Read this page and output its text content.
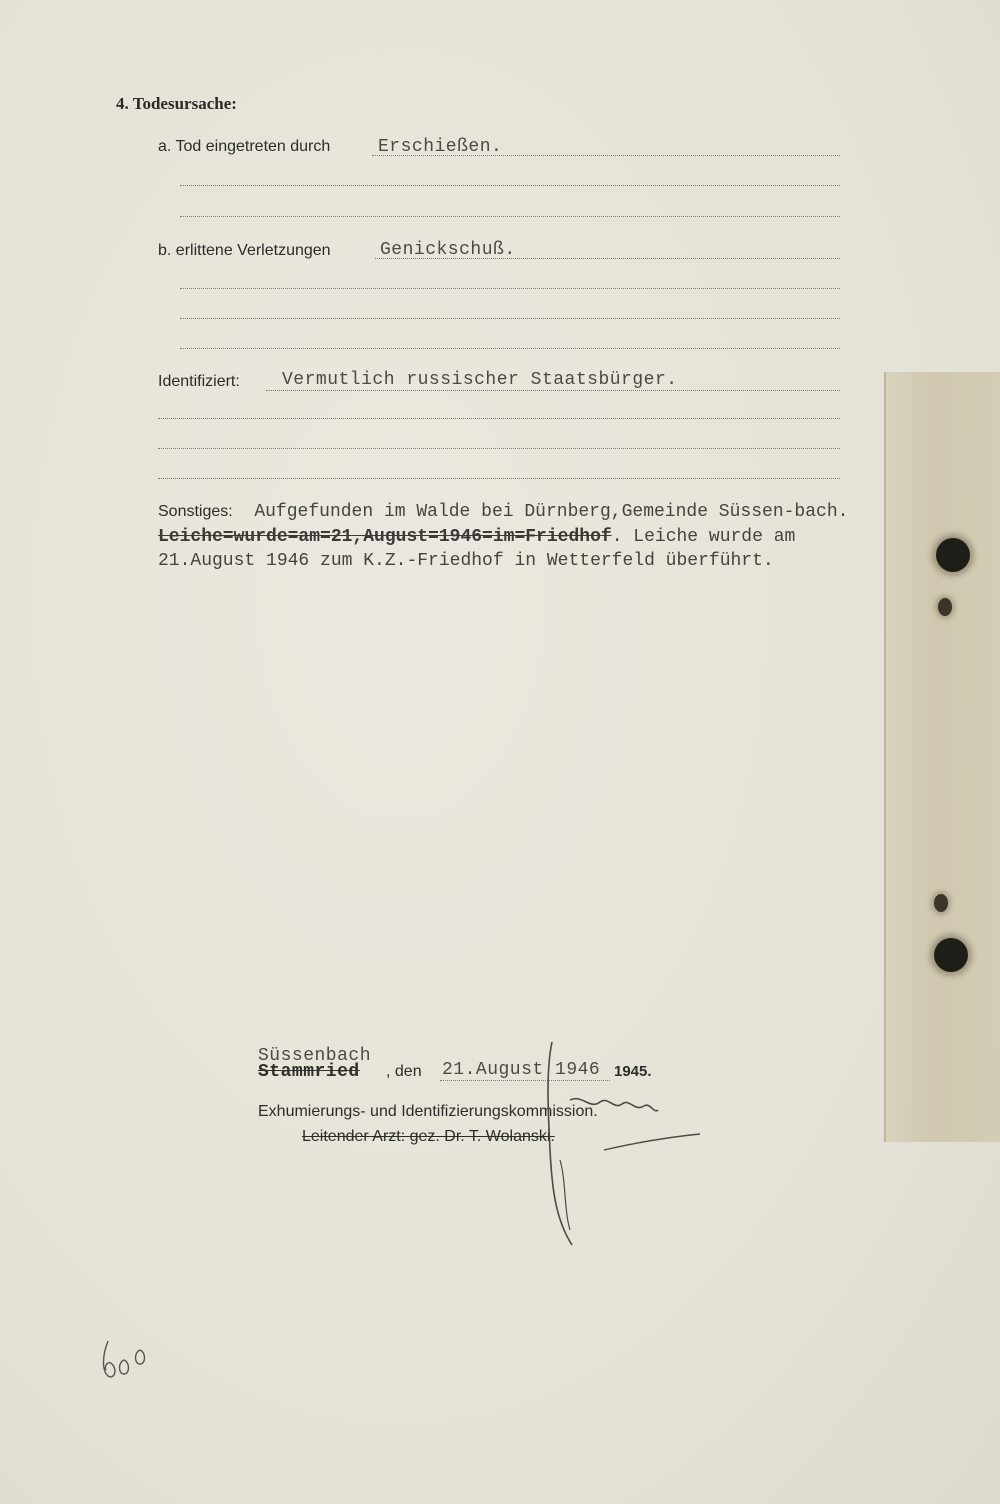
4. Todesursache:
a. Tod eingetreten durch	Erschießen.
b. erlittene Verletzungen	Genickschuß.
Identifiziert: Vermutlich russischer Staatsbürger.
Sonstiges: Aufgefunden im Walde bei Dürnberg,Gemeinde Süssen-bach. Leiche=wurde=am=21,August=1946=im=Friedhof. Leiche wurde am 21.August 1946 zum K.Z.-Friedhof in Wetterfeld überführt.
Süssenbach
Stammried , den 21.August 1946 1945.
Exhumierungs- und Identifizierungskommission.
Leitender Arzt: gez. Dr. T. Wolanski.
